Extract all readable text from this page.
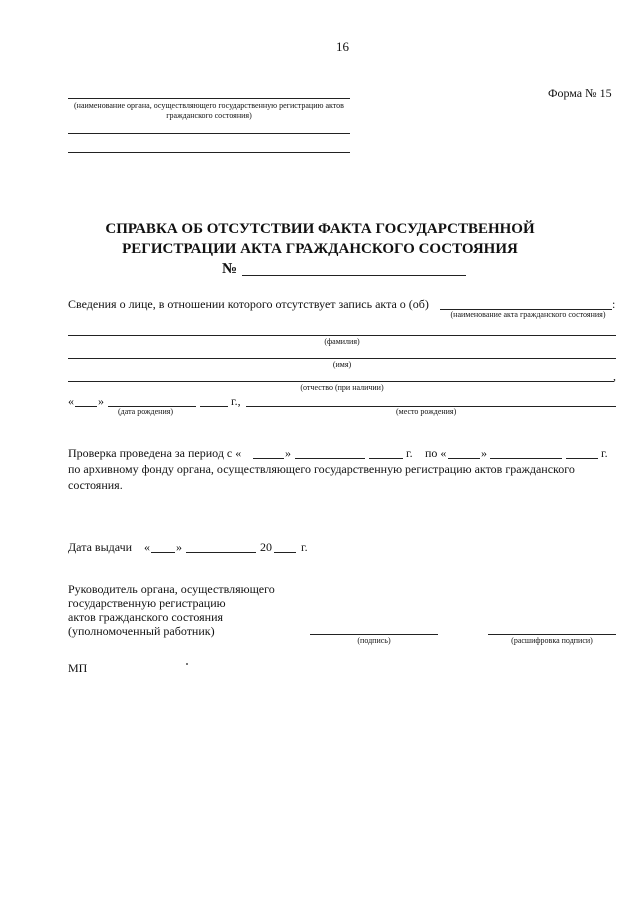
16
Форма № 15
(наименование органа, осуществляющего государственную регистрацию актов гражданского состояния)
СПРАВКА ОБ ОТСУТСТВИИ ФАКТА ГОСУДАРСТВЕННОЙ
РЕГИСТРАЦИИ АКТА ГРАЖДАНСКОГО СОСТОЯНИЯ
№
Сведения о лице, в отношении которого отсутствует запись акта о (об)	:
(наименование акта гражданского состояния)
(фамилия)
(имя)
,
(отчество (при наличии)
« »	г.,
(дата рождения)	(место рождения)
Проверка проведена за период с «	»	г. по «	»	г.
по архивному фонду органа, осуществляющего государственную регистрацию актов гражданского
состояния.
Дата выдачи « »	20 г.
Руководитель органа, осуществляющего
государственную регистрацию
актов гражданского состояния
(уполномоченный работник)
(подпись)	(расшифровка подписи)
МП
